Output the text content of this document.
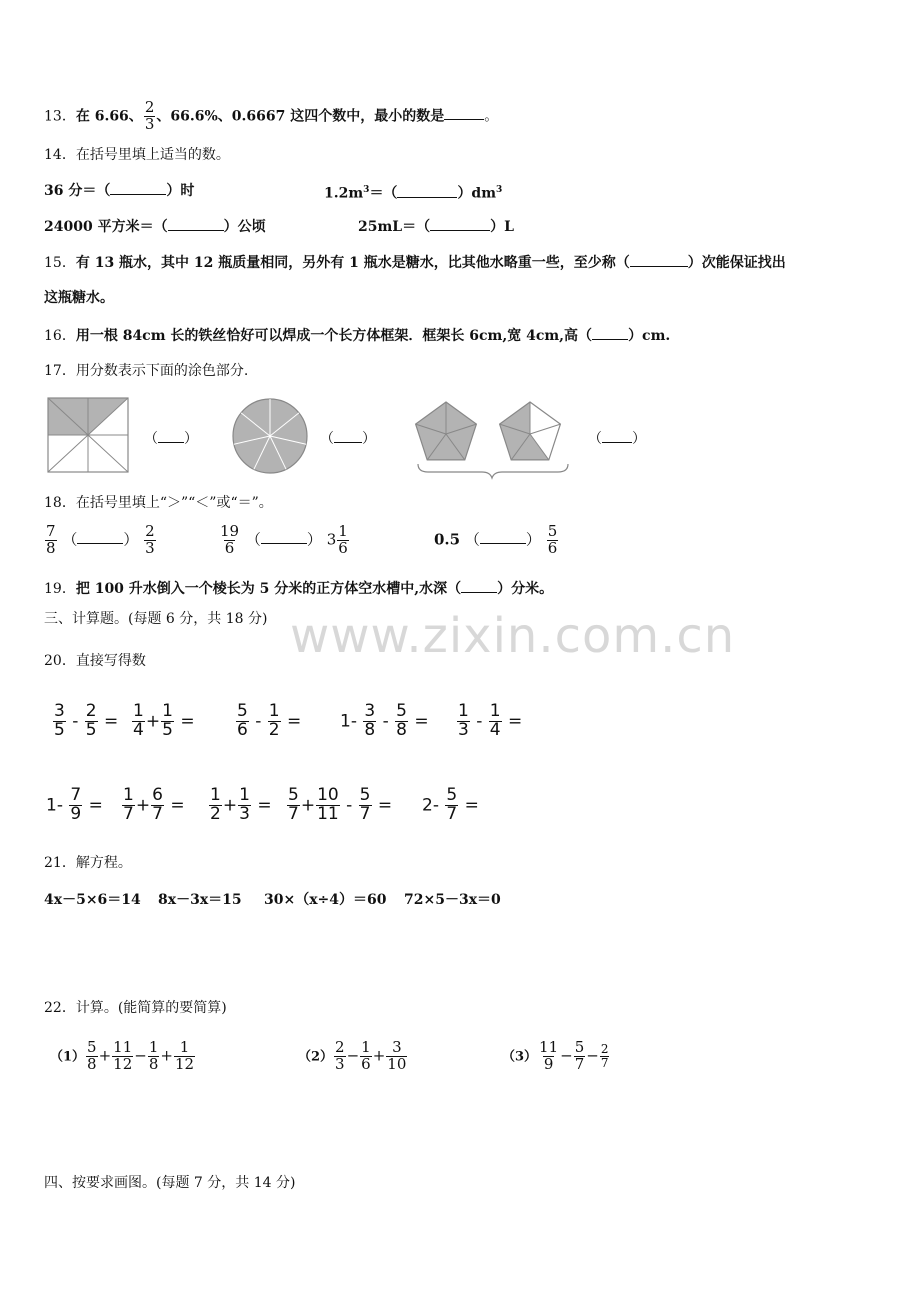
www.zixin.com.cn
13．在 6.66、 $\frac{2}{3}$ 、66.6%、0.6667 这四个数中，最小的数是	。
14．在括号里填上适当的数。
36 分＝（	）时	$1.2m^3=$（	）$dm^3$
24000 平方米＝（	）公顷	25mL＝（	）L
15．有 13 瓶水，其中 12 瓶质量相同，另外有 1 瓶水是糖水，比其他水略重一些，至少称（	）次能保证找出
这瓶糖水。
16．用一根 84cm 长的铁丝恰好可以焊成一个长方体框架．框架长 6cm,宽 4cm,高（	）cm.
17．用分数表示下面的涂色部分.
（ ）	（ ）	（ ）
18．在括号里填上“＞”“＜”或“＝”。
$\frac{7}{8}$ （	） $\frac{2}{3}$	$\frac{19}{6}$ （	） $3 \frac{1}{6}$	0.5 （	） $\frac{5}{6}$
19．把 100 升水倒入一个棱长为 5 分米的正方体空水槽中,水深（	）分米。
三、计算题。(每题 6 分，共 18 分)
20．直接写得数
$\frac{3}{5} - \frac{2}{5} = \frac{1}{4} + \frac{1}{5} = \frac{5}{6} - \frac{1}{2} = 1- \frac{3}{8} - \frac{5}{8} = \frac{1}{3} - \frac{1}{4}$ =
$1- \frac{7}{9} = \frac{1}{7} + \frac{6}{7} = \frac{1}{2} + \frac{1}{3} = \frac{5}{7} + \frac{10}{11} - \frac{5}{7} = 2- \frac{5}{7}$ =
21．解方程。
4x－5×6＝14 8x－3x＝15 30×（x÷4）＝60 72×5－3x＝0
22．计算。(能简算的要简算)
$(1) \frac{5}{8} + \frac{11}{12} - \frac{1}{8} + \frac{1}{12}$	$(2) \frac{2}{3} - \frac{1}{6} + \frac{3}{10}$	$(3) \frac{11}{9} - \frac{5}{7} - \frac{2}{7}$
四、按要求画图。(每题 7 分，共 14 分)
